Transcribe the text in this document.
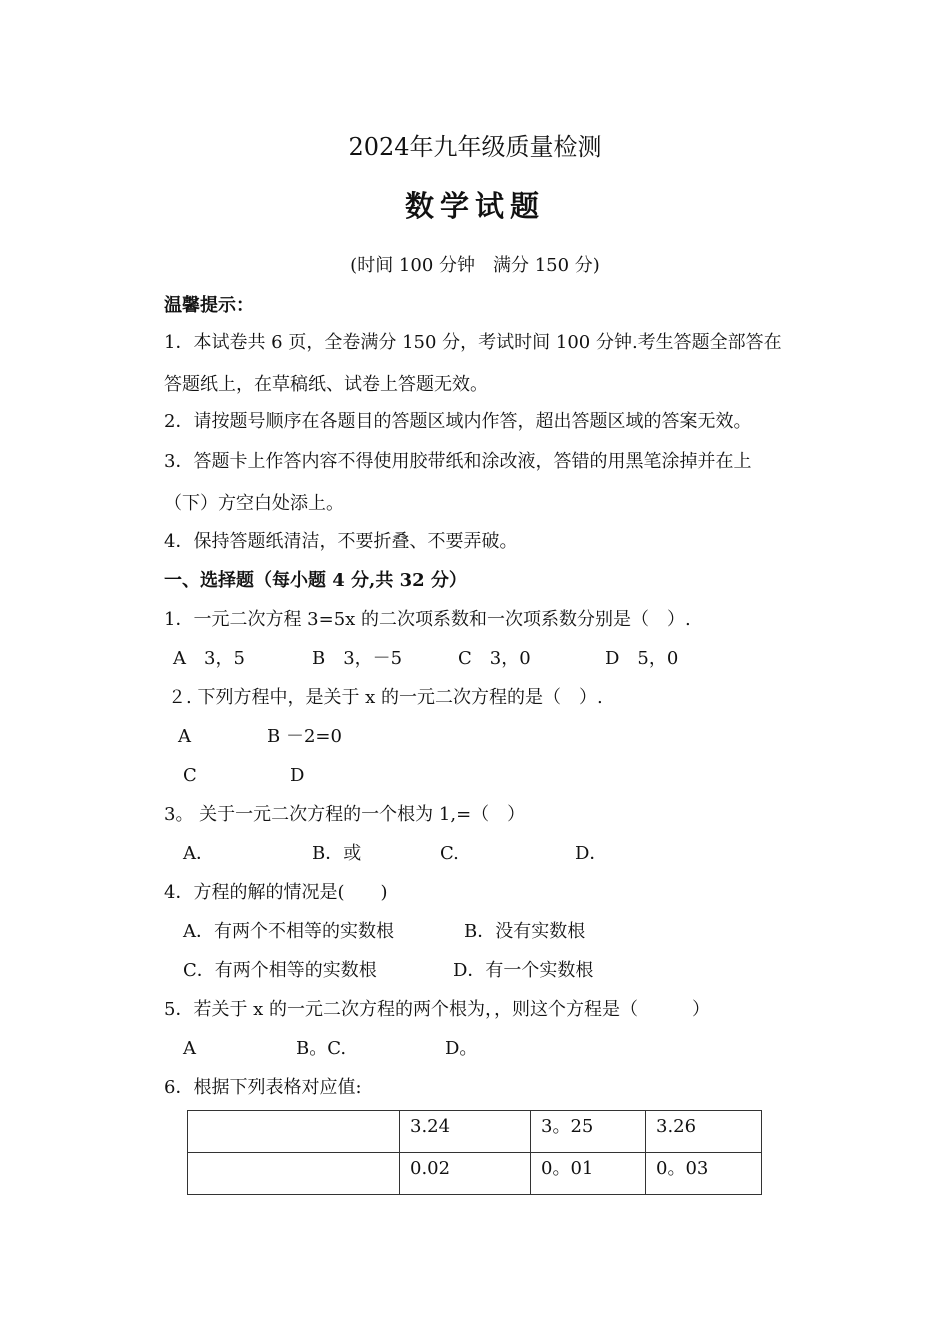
2024年九年级质量检测
数学试题
(时间 100 分钟　满分 150 分)
温馨提示：
1．本试卷共 6 页，全卷满分 150 分，考试时间 100 分钟.考生答题全部答在
答题纸上，在草稿纸、试卷上答题无效。
2．请按题号顺序在各题目的答题区域内作答，超出答题区域的答案无效。
3．答题卡上作答内容不得使用胶带纸和涂改液，答错的用黑笔涂掉并在上
（下）方空白处添上。
4．保持答题纸清洁，不要折叠、不要弄破。
一、选择题（每小题 4 分,共 32 分）
1．一元二次方程 3=5x 的二次项系数和一次项系数分别是（　）.
A　3，5	B　3，－5	C　3，0	D　5，0
２. 下列方程中，是关于 x 的一元二次方程的是（　）.
A	B －2=0
C	D
3。 关于一元二次方程的一个根为 1,=（　）
A．	B．或	C.	D．
4．方程的解的情况是(　　)
A．有两个不相等的实数根	B．没有实数根
C．有两个相等的实数根	D．有一个实数根
5．若关于 x 的一元二次方程的两个根为，，则这个方程是（　　　）
A	B。C.	D。
6．根据下列表格对应值:
	3.24	3。25	3.26
	0.02	0。01	0。03
